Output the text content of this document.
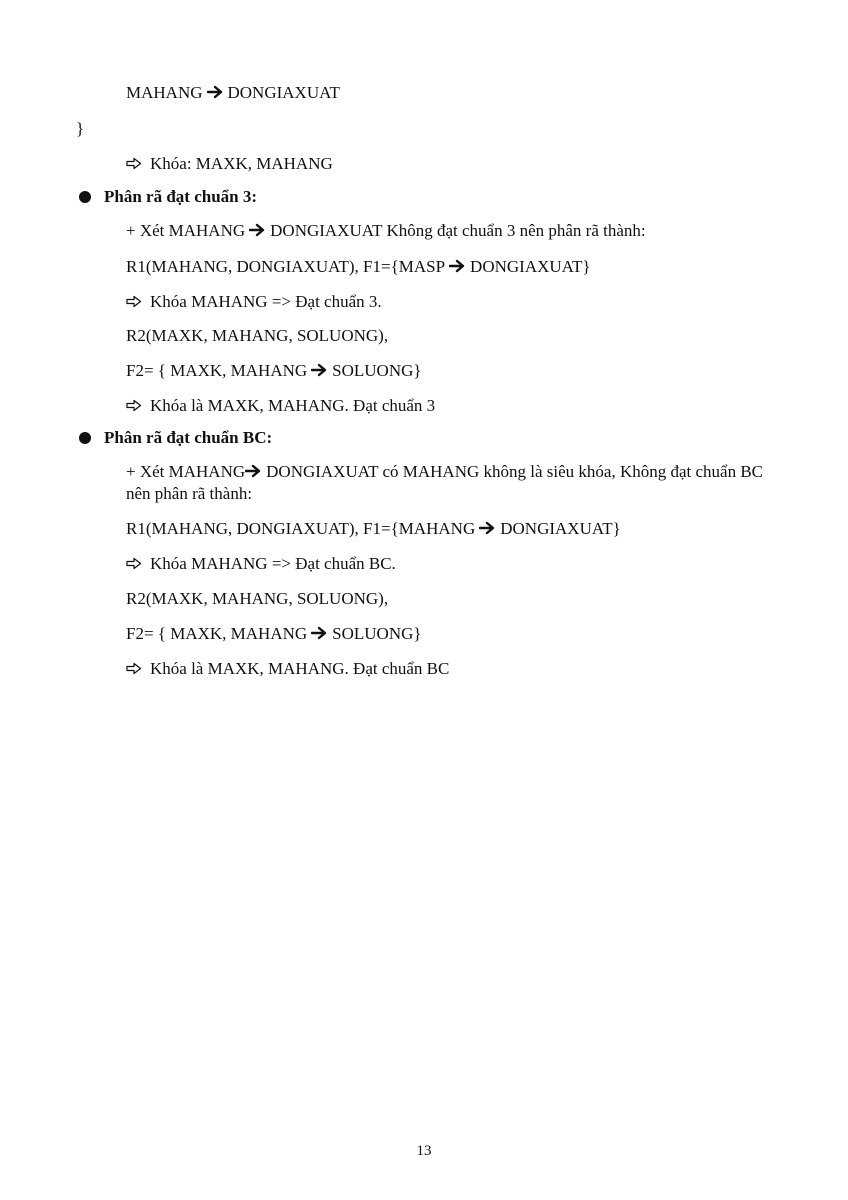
MAHANG DONGIAXUAT
}
Khóa: MAXK, MAHANG
Phân rã đạt chuẩn 3:
+ Xét MAHANG DONGIAXUAT Không đạt chuẩn 3 nên phân rã thành:
R1(MAHANG, DONGIAXUAT), F1={MASP DONGIAXUAT}
Khóa MAHANG => Đạt chuẩn 3.
R2(MAXK, MAHANG, SOLUONG),
F2= { MAXK, MAHANG SOLUONG}
Khóa là MAXK, MAHANG. Đạt chuẩn 3
Phân rã đạt chuẩn BC:
+ Xét MAHANG DONGIAXUAT có MAHANG không là siêu khóa, Không đạt chuẩn BC nên phân rã thành:
R1(MAHANG, DONGIAXUAT), F1={MAHANG DONGIAXUAT}
Khóa MAHANG => Đạt chuẩn BC.
R2(MAXK, MAHANG, SOLUONG),
F2= { MAXK, MAHANG SOLUONG}
Khóa là MAXK, MAHANG. Đạt chuẩn BC
13
